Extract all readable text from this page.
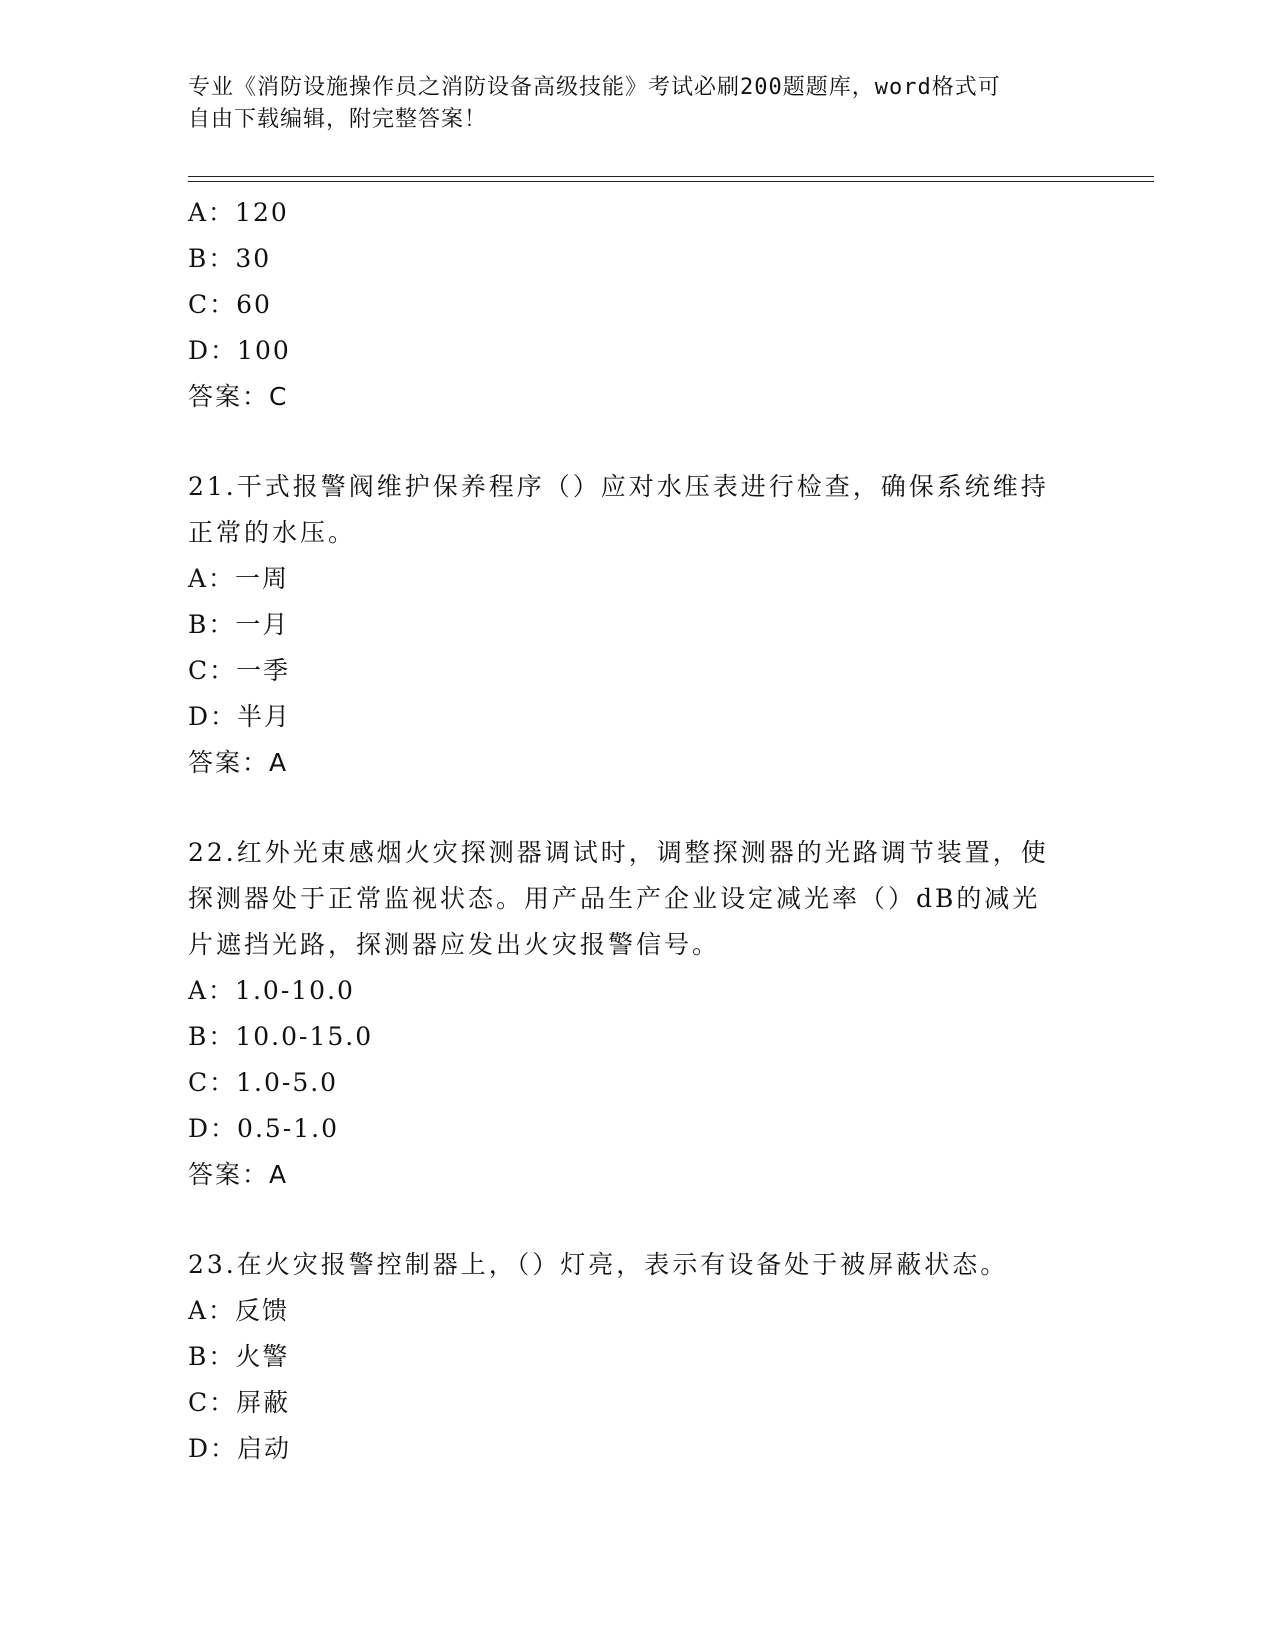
专业《消防设施操作员之消防设备高级技能》考试必刷200题题库，word格式可
自由下载编辑，附完整答案！
A：120
B：30
C：60
D：100
答案：C
21.干式报警阀维护保养程序（）应对水压表进行检查，确保系统维持
正常的水压。
A：一周
B：一月
C：一季
D：半月
答案：A
22.红外光束感烟火灾探测器调试时，调整探测器的光路调节装置，使
探测器处于正常监视状态。用产品生产企业设定减光率（）dB的减光
片遮挡光路，探测器应发出火灾报警信号。
A：1.0-10.0
B：10.0-15.0
C：1.0-5.0
D：0.5-1.0
答案：A
23.在火灾报警控制器上，（）灯亮，表示有设备处于被屏蔽状态。
A：反馈
B：火警
C：屏蔽
D：启动
